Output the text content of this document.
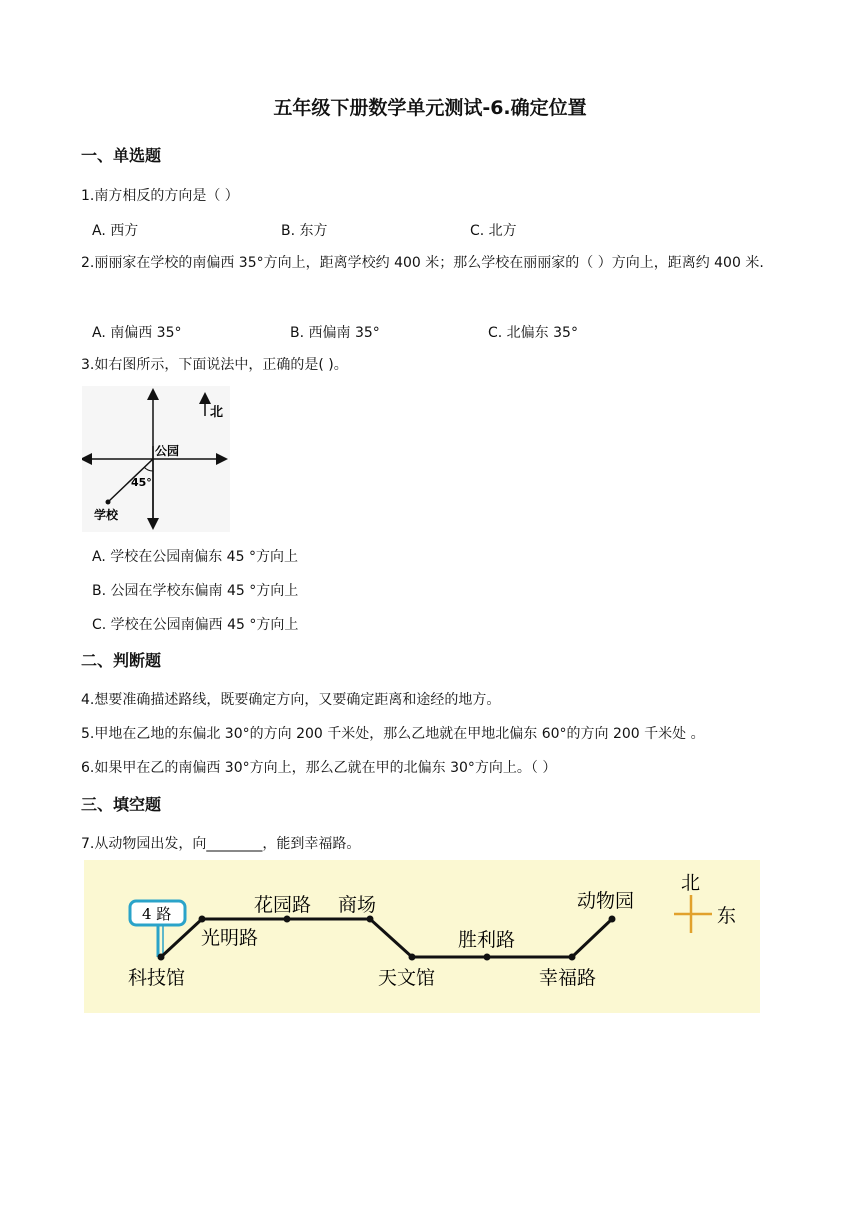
五年级下册数学单元测试-6.确定位置
一、单选题
1.南方相反的方向是（ ）
A. 西方	B. 东方	C. 北方
2.丽丽家在学校的南偏西 35°方向上，距离学校约 400 米；那么学校在丽丽家的（ ）方向上，距离约 400 米.
A. 南偏西 35°	B. 西偏南 35°	C. 北偏东 35°
3.如右图所示，下面说法中，正确的是( )。
北
公园
45°
学校
A. 学校在公园南偏东 45 °方向上
B. 公园在学校东偏南 45 °方向上
C. 学校在公园南偏西 45 °方向上
二、判断题
4.想要准确描述路线，既要确定方向，又要确定距离和途经的地方。
5.甲地在乙地的东偏北 30°的方向 200 千米处，那么乙地就在甲地北偏东 60°的方向 200 千米处 。
6.如果甲在乙的南偏西 30°方向上，那么乙就在甲的北偏东 30°方向上。（ ）
三、填空题
7.从动物园出发，向________，能到幸福路。
4 路
科技馆
光明路
花园路 商场
天文馆
胜利路
幸福路
动物园
北
东
